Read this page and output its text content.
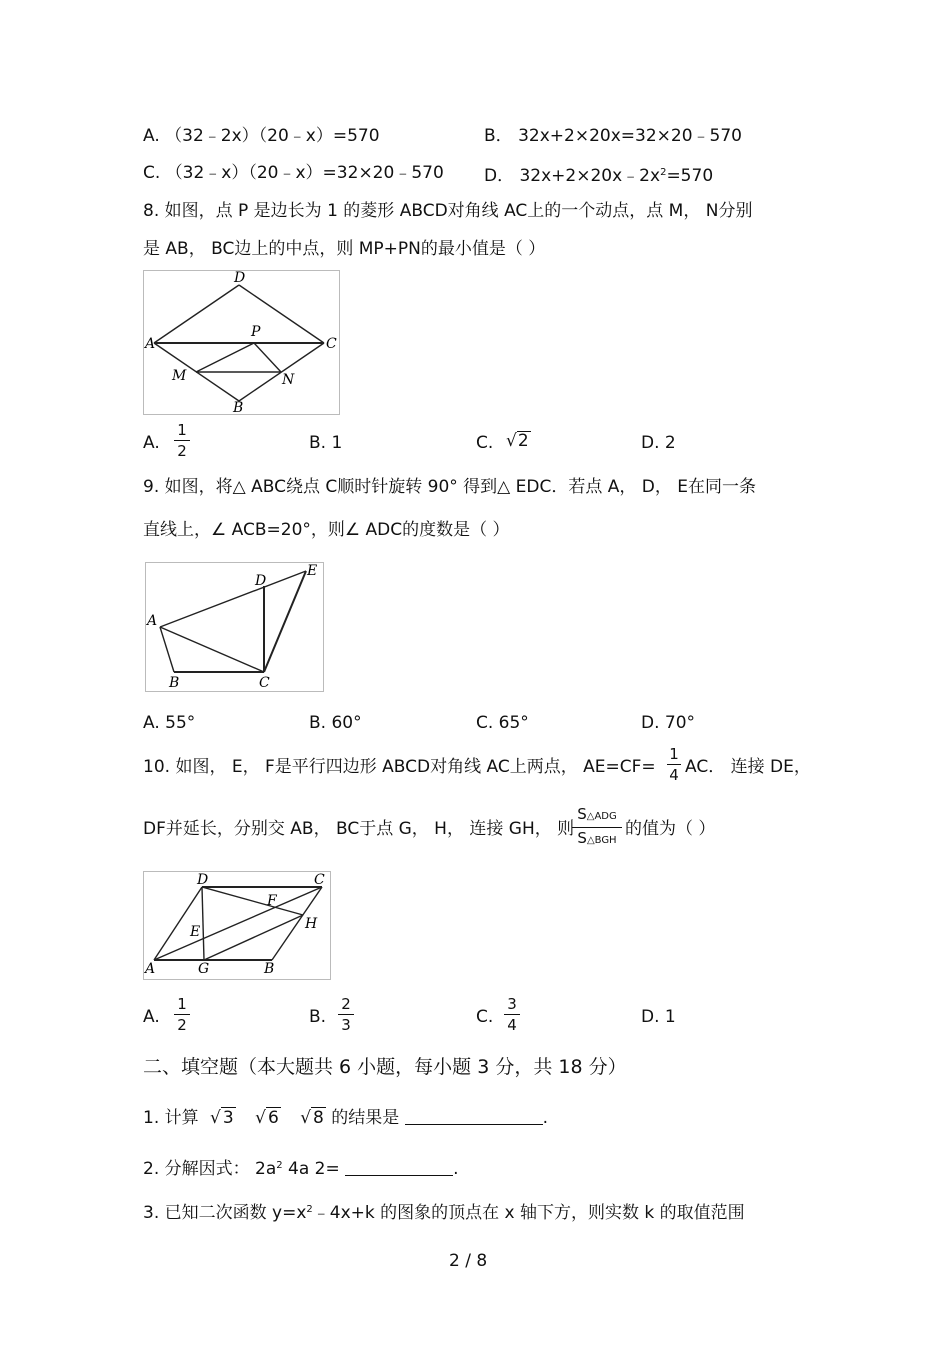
A. （32﹣2x）（20﹣x）=570	B． 32x+2×20x=32×20﹣570
C. （32﹣x）（20﹣x）=32×20﹣570 D． $32x+2\times 20x﹣2x^2=570$
8. 如图，点 P 是边长为 1 的菱形 ABCD对角线 AC上的一个动点，点 M， N分别
是 AB， BC边上的中点，则 MP+PN的最小值是（ ）
D
A	C
B
P
M	N
A.
1
2	B. 1	C. √2	D. 2
9. 如图，将△ ABC绕点 C顺时针旋转 90° 得到△ EDC．若点 A， D， E在同一条
直线上，∠ ACB=20°，则∠ ADC的度数是（ ）
A
B	C
D
E
A. 55°	B. 60°	C. 65°	D. 70°
10. 如图， E， F是平行四边形 ABCD对角线 AC上两点， AE=CF=
1
4 AC． 连接 DE，
DF并延长，分别交 AB， BC于点 G， H， 连接 GH， 则
S△ADG
S△BGH
的值为（ ）
A
D	C
B
G
H
E
F
A.
1
2	B.
2
3	C.
3
4	D. 1
二、填空题（本大题共 6 小题，每小题 3 分，共 18 分）
1. 计算 √ 3 √ 6 √ 8 的结果是	.
2. 分解因式： $2a^2$ 4a 2=	.
3. 已知二次函数 $y=x^2﹣4x+k$ 的图象的顶点在 x 轴下方，则实数 k 的取值范围
2 / 8
